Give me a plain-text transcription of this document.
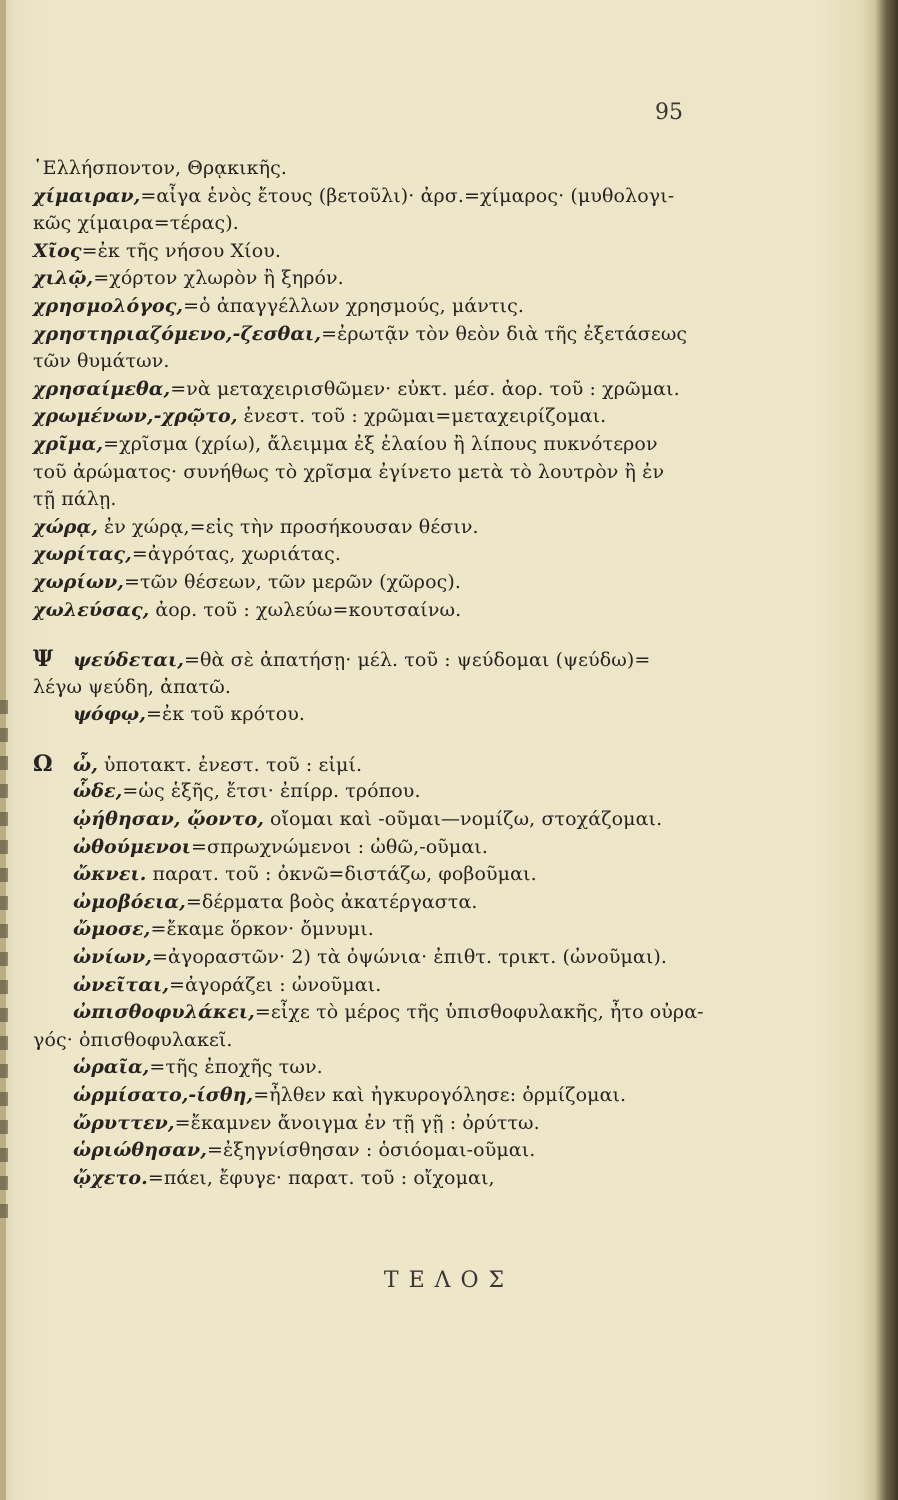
95
῾Ελλήσποντον, Θρᾳκικῆς.
χίμαιραν,=αἶγα ἑνὸς ἔτους (βετοῦλι)· ἀρσ.=χίμαρος· (μυθολογι-
κῶς χίμαιρα=τέρας).
Χῖος=ἐκ τῆς νήσου Χίου.
χιλῷ,=χόρτον χλωρὸν ἢ ξηρόν.
χρησμολόγος,=ὁ ἀπαγγέλλων χρησμούς, μάντις.
χρηστηριαζόμενο,-ζεσθαι,=ἐρωτᾷν τὸν θεὸν διὰ τῆς ἐξετάσεως
τῶν θυμάτων.
χρησαίμεθα,=νὰ μεταχειρισθῶμεν· εὐκτ. μέσ. ἀορ. τοῦ : χρῶμαι.
χρωμένων,-χρῷτο, ἐνεστ. τοῦ : χρῶμαι=μεταχειρίζομαι.
χρῖμα,=χρῖσμα (χρίω), ἄλειμμα ἐξ ἐλαίου ἢ λίπους πυκνότερον
τοῦ ἀρώματος· συνήθως τὸ χρῖσμα ἐγίνετο μετὰ τὸ λουτρὸν ἢ ἐν
τῇ πάλῃ.
χώρᾳ, ἐν χώρᾳ,=εἰς τὴν προσήκουσαν θέσιν.
χωρίτας,=ἀγρότας, χωριάτας.
χωρίων,=τῶν θέσεων, τῶν μερῶν (χῶρος).
χωλεύσας, ἀορ. τοῦ : χωλεύω=κουτσαίνω.
Ψ ψεύδεται,=θὰ σὲ ἀπατήσῃ· μέλ. τοῦ : ψεύδομαι (ψεύδω)=
λέγω ψεύδη, ἀπατῶ.
ψόφῳ,=ἐκ τοῦ κρότου.
Ω ὦ, ὑποτακτ. ἐνεστ. τοῦ : εἰμί.
ὧδε,=ὡς ἑξῆς, ἔτσι· ἐπίρρ. τρόπου.
ᾠήθησαν, ᾤοντο, οἴομαι καὶ -οῦμαι—νομίζω, στοχάζομαι.
ὠθούμενοι=σπρωχνώμενοι : ὠθῶ,-οῦμαι.
ὤκνει. παρατ. τοῦ : ὀκνῶ=διστάζω, φοβοῦμαι.
ὠμοβόεια,=δέρματα βοὸς ἀκατέργαστα.
ὤμοσε,=ἔκαμε ὅρκον· ὄμνυμι.
ὠνίων,=ἀγοραστῶν· 2) τὰ ὀψώνια· ἐπιθτ. τρικτ. (ὠνοῦμαι).
ὠνεῖται,=ἀγοράζει : ὠνοῦμαι.
ὠπισθοφυλάκει,=εἶχε τὸ μέρος τῆς ὑπισθοφυλακῆς, ἦτο οὐρα-
γός· ὀπισθοφυλακεῖ.
ὡραῖα,=τῆς ἐποχῆς των.
ὡρμίσατο,-ίσθη,=ἦλθεν καὶ ἠγκυρογόλησε: ὁρμίζομαι.
ὤρυττεν,=ἔκαμνεν ἄνοιγμα ἐν τῇ γῇ : ὀρύττω.
ὡριώθησαν,=ἐξηγνίσθησαν : ὁσιόομαι-οῦμαι.
ᾤχετο.=πάει, ἔφυγε· παρατ. τοῦ : οἴχομαι,
ΤΕΛΟΣ
